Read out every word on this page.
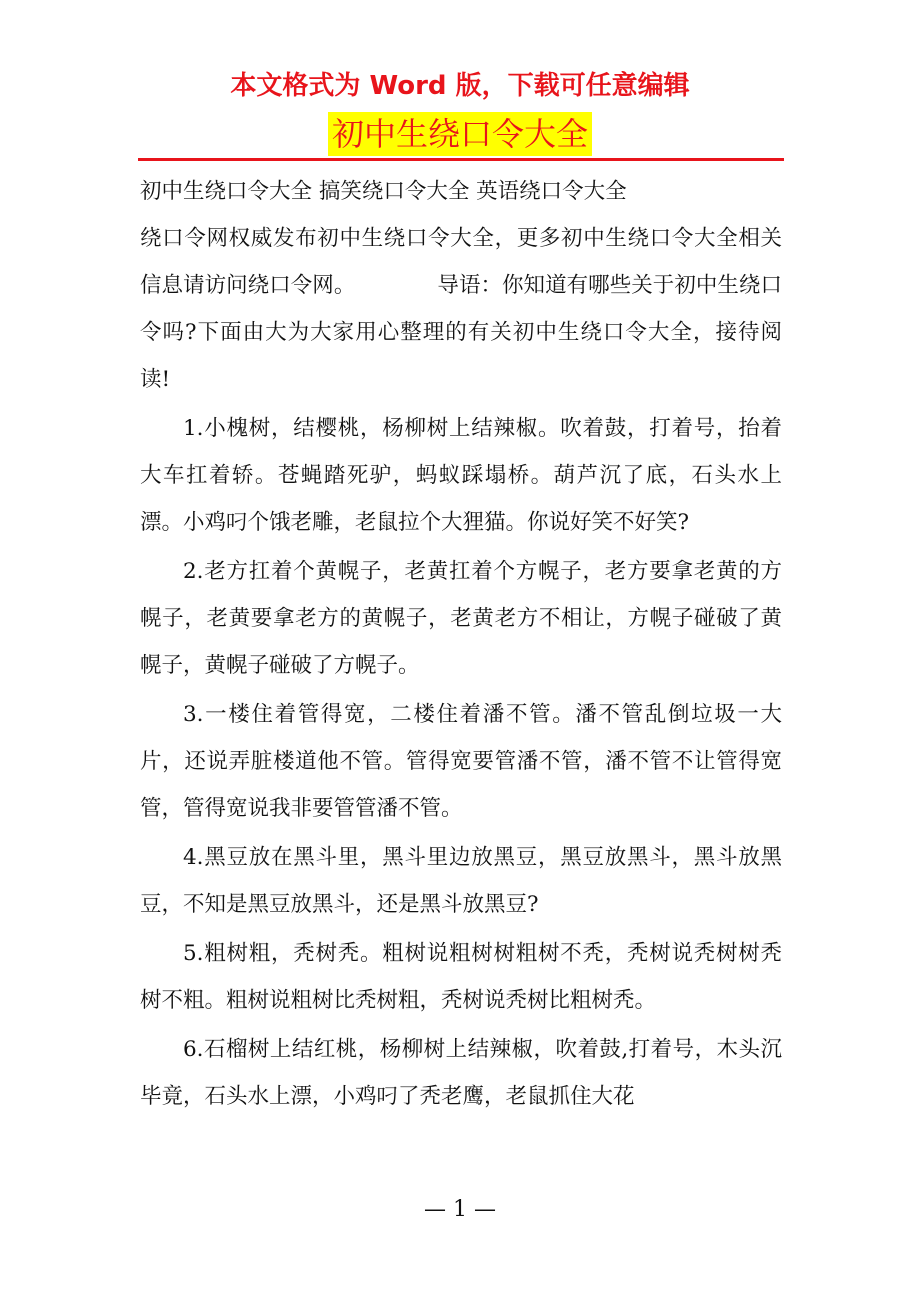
本文格式为 Word 版，下载可任意编辑
初中生绕口令大全

初中生绕口令大全 搞笑绕口令大全 英语绕口令大全

绕口令网权威发布初中生绕口令大全，更多初中生绕口令大全相关信息请访问绕口令网。	导语：你知道有哪些关于初中生绕口令吗?下面由大为大家用心整理的有关初中生绕口令大全，接待阅读!

1.小槐树，结樱桃，杨柳树上结辣椒。吹着鼓，打着号，抬着大车扛着轿。苍蝇踏死驴，蚂蚁踩塌桥。葫芦沉了底，石头水上漂。小鸡叼个饿老雕，老鼠拉个大狸猫。你说好笑不好笑?

2.老方扛着个黄幌子，老黄扛着个方幌子，老方要拿老黄的方幌子，老黄要拿老方的黄幌子，老黄老方不相让，方幌子碰破了黄幌子，黄幌子碰破了方幌子。

3.一楼住着管得宽，二楼住着潘不管。潘不管乱倒垃圾一大片，还说弄脏楼道他不管。管得宽要管潘不管，潘不管不让管得宽管，管得宽说我非要管管潘不管。

4.黑豆放在黑斗里，黑斗里边放黑豆，黑豆放黑斗，黑斗放黑豆，不知是黑豆放黑斗，还是黑斗放黑豆?

5.粗树粗，秃树秃。粗树说粗树树粗树不秃，秃树说秃树树秃树不粗。粗树说粗树比秃树粗，秃树说秃树比粗树秃。

6.石榴树上结红桃，杨柳树上结辣椒，吹着鼓,打着号，木头沉毕竟，石头水上漂，小鸡叼了秃老鹰，老鼠抓住大花

— 1 —
